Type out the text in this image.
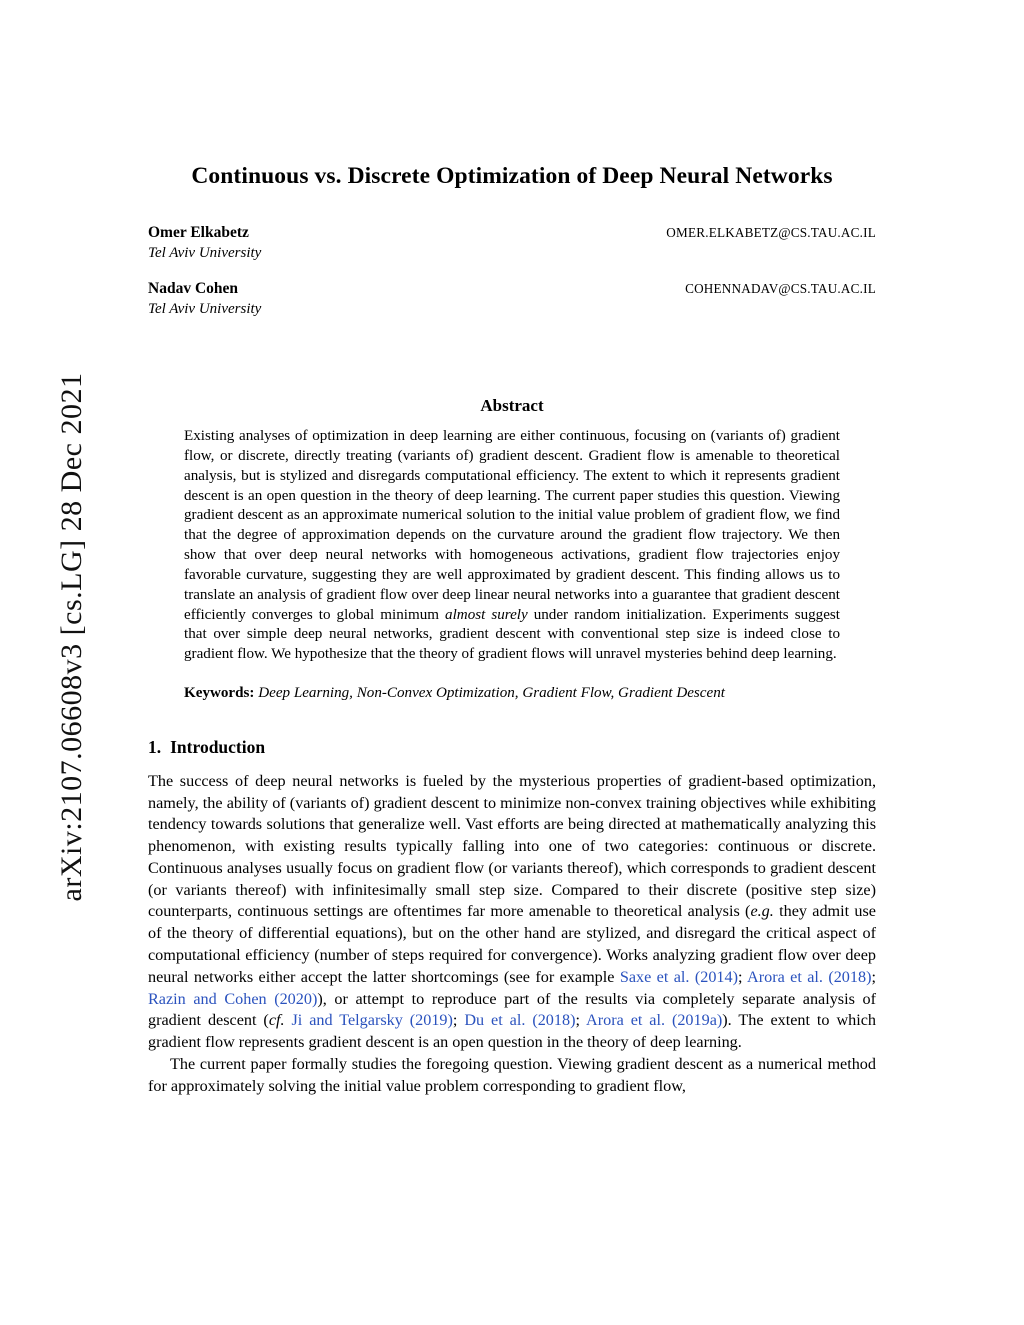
arXiv:2107.06608v3 [cs.LG] 28 Dec 2021
Continuous vs. Discrete Optimization of Deep Neural Networks
Omer Elkabetz	OMER.ELKABETZ@CS.TAU.AC.IL
Tel Aviv University
Nadav Cohen	COHENNADAV@CS.TAU.AC.IL
Tel Aviv University
Abstract
Existing analyses of optimization in deep learning are either continuous, focusing on (variants of) gradient flow, or discrete, directly treating (variants of) gradient descent. Gradient flow is amenable to theoretical analysis, but is stylized and disregards computational efficiency. The extent to which it represents gradient descent is an open question in the theory of deep learning. The current paper studies this question. Viewing gradient descent as an approximate numerical solution to the initial value problem of gradient flow, we find that the degree of approximation depends on the curvature around the gradient flow trajectory. We then show that over deep neural networks with homogeneous activations, gradient flow trajectories enjoy favorable curvature, suggesting they are well approximated by gradient descent. This finding allows us to translate an analysis of gradient flow over deep linear neural networks into a guarantee that gradient descent efficiently converges to global minimum almost surely under random initialization. Experiments suggest that over simple deep neural networks, gradient descent with conventional step size is indeed close to gradient flow. We hypothesize that the theory of gradient flows will unravel mysteries behind deep learning.
Keywords: Deep Learning, Non-Convex Optimization, Gradient Flow, Gradient Descent
1. Introduction

The success of deep neural networks is fueled by the mysterious properties of gradient-based optimization, namely, the ability of (variants of) gradient descent to minimize non-convex training objectives while exhibiting tendency towards solutions that generalize well. Vast efforts are being directed at mathematically analyzing this phenomenon, with existing results typically falling into one of two categories: continuous or discrete. Continuous analyses usually focus on gradient flow (or variants thereof), which corresponds to gradient descent (or variants thereof) with infinitesimally small step size. Compared to their discrete (positive step size) counterparts, continuous settings are oftentimes far more amenable to theoretical analysis (e.g. they admit use of the theory of differential equations), but on the other hand are stylized, and disregard the critical aspect of computational efficiency (number of steps required for convergence). Works analyzing gradient flow over deep neural networks either accept the latter shortcomings (see for example Saxe et al. (2014); Arora et al. (2018); Razin and Cohen (2020)), or attempt to reproduce part of the results via completely separate analysis of gradient descent (cf. Ji and Telgarsky (2019); Du et al. (2018); Arora et al. (2019a)). The extent to which gradient flow represents gradient descent is an open question in the theory of deep learning.

The current paper formally studies the foregoing question. Viewing gradient descent as a numerical method for approximately solving the initial value problem corresponding to gradient flow,
